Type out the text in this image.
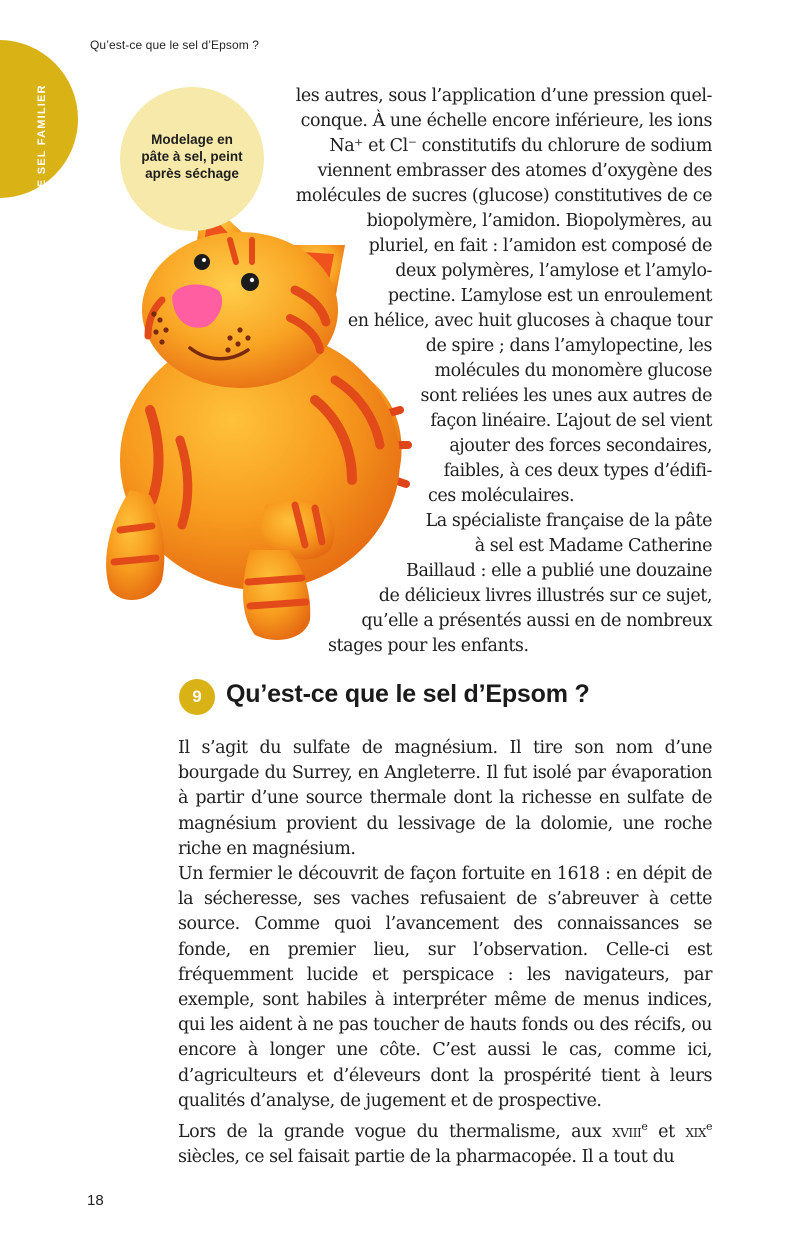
Qu’est-ce que le sel d’Epsom ?
LE SEL FAMILIER	Modelage en pâte à sel, peint après séchage
les autres, sous l’application d’une pression quel-
conque. À une échelle encore inférieure, les ions
Na⁺ et Cl⁻ constitutifs du chlorure de sodium
viennent embrasser des atomes d’oxygène des
molécules de sucres (glucose) constitutives de ce
biopolymère, l’amidon. Biopolymères, au
pluriel, en fait : l’amidon est composé de
deux polymères, l’amylose et l’amylo-
pectine. L’amylose est un enroulement
en hélice, avec huit glucoses à chaque tour
de spire ; dans l’amylopectine, les
molécules du monomère glucose
sont reliées les unes aux autres de
façon linéaire. L’ajout de sel vient
ajouter des forces secondaires,
faibles, à ces deux types d’édifi-
ces moléculaires.
La spécialiste française de la pâte
à sel est Madame Catherine
Baillaud : elle a publié une douzaine
de délicieux livres illustrés sur ce sujet,
qu’elle a présentés aussi en de nombreux
stages pour les enfants.
9 Qu’est-ce que le sel d’Epsom ?

Il s’agit du sulfate de magnésium. Il tire son nom d’une bourgade du Surrey, en Angleterre. Il fut isolé par évaporation à partir d’une source thermale dont la richesse en sulfate de magnésium provient du lessivage de la dolomie, une roche riche en magnésium.

Un fermier le découvrit de façon fortuite en 1618 : en dépit de la sécheresse, ses vaches refusaient de s’abreuver à cette source. Comme quoi l’avancement des connaissances se fonde, en premier lieu, sur l’observation. Celle-ci est fréquemment lucide et perspicace : les navigateurs, par exemple, sont habiles à interpréter même de menus indices, qui les aident à ne pas toucher de hauts fonds ou des récifs, ou encore à longer une côte. C’est aussi le cas, comme ici, d’agriculteurs et d’éleveurs dont la prospérité tient à leurs qualités d’analyse, de jugement et de prospective.

Lors de la grande vogue du thermalisme, aux xviii$^e$ et xix$^e$ siècles, ce sel faisait partie de la pharmacopée. Il a tout du

18
